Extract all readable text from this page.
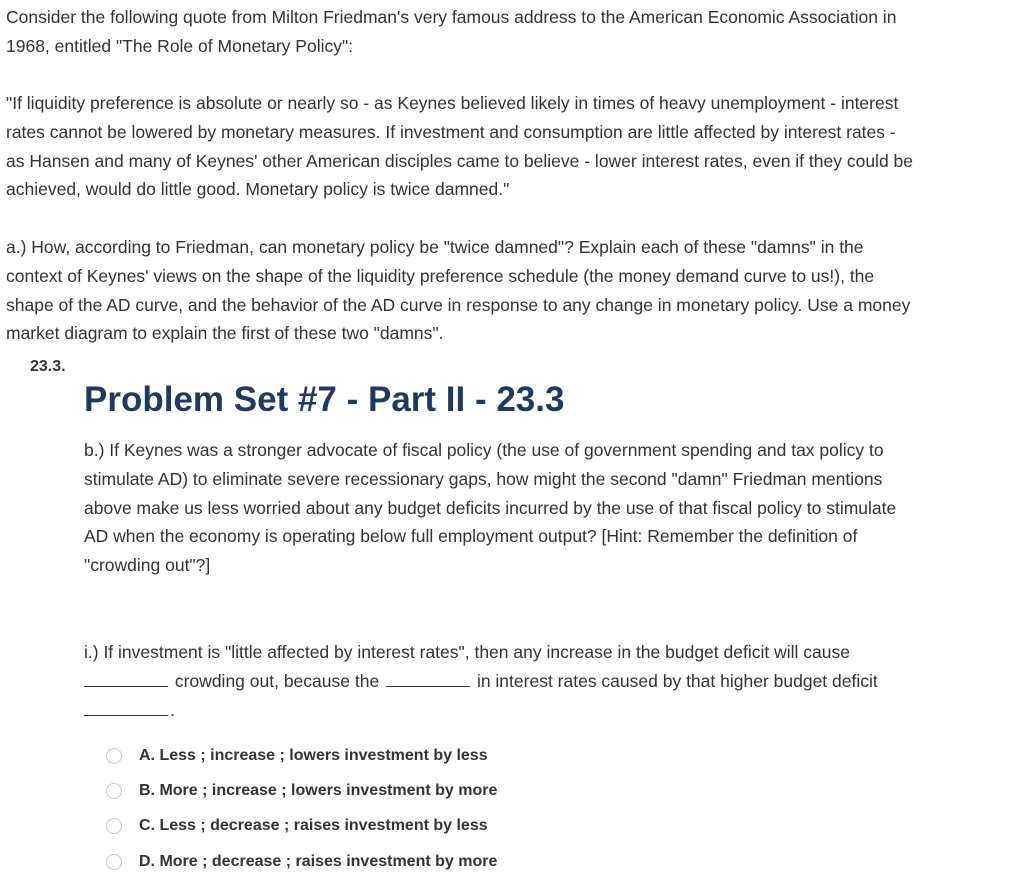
Consider the following quote from Milton Friedman's very famous address to the American Economic Association in
1968, entitled "The Role of Monetary Policy":

"If liquidity preference is absolute or nearly so - as Keynes believed likely in times of heavy unemployment - interest
rates cannot be lowered by monetary measures. If investment and consumption are little affected by interest rates -
as Hansen and many of Keynes' other American disciples came to believe - lower interest rates, even if they could be
achieved, would do little good. Monetary policy is twice damned."

a.) How, according to Friedman, can monetary policy be "twice damned"? Explain each of these "damns" in the
context of Keynes' views on the shape of the liquidity preference schedule (the money demand curve to us!), the
shape of the AD curve, and the behavior of the AD curve in response to any change in monetary policy. Use a money
market diagram to explain the first of these two "damns".

23.3.
Problem Set #7 - Part II - 23.3

b.) If Keynes was a stronger advocate of fiscal policy (the use of government spending and tax policy to
stimulate AD) to eliminate severe recessionary gaps, how might the second "damn" Friedman mentions
above make us less worried about any budget deficits incurred by the use of that fiscal policy to stimulate
AD when the economy is operating below full employment output? [Hint: Remember the definition of
"crowding out"?]

i.) If investment is "little affected by interest rates", then any increase in the budget deficit will cause
crowding out, because the	in interest rates caused by that higher budget deficit
.

A. Less ; increase ; lowers investment by less
B. More ; increase ; lowers investment by more
C. Less ; decrease ; raises investment by less
D. More ; decrease ; raises investment by more
